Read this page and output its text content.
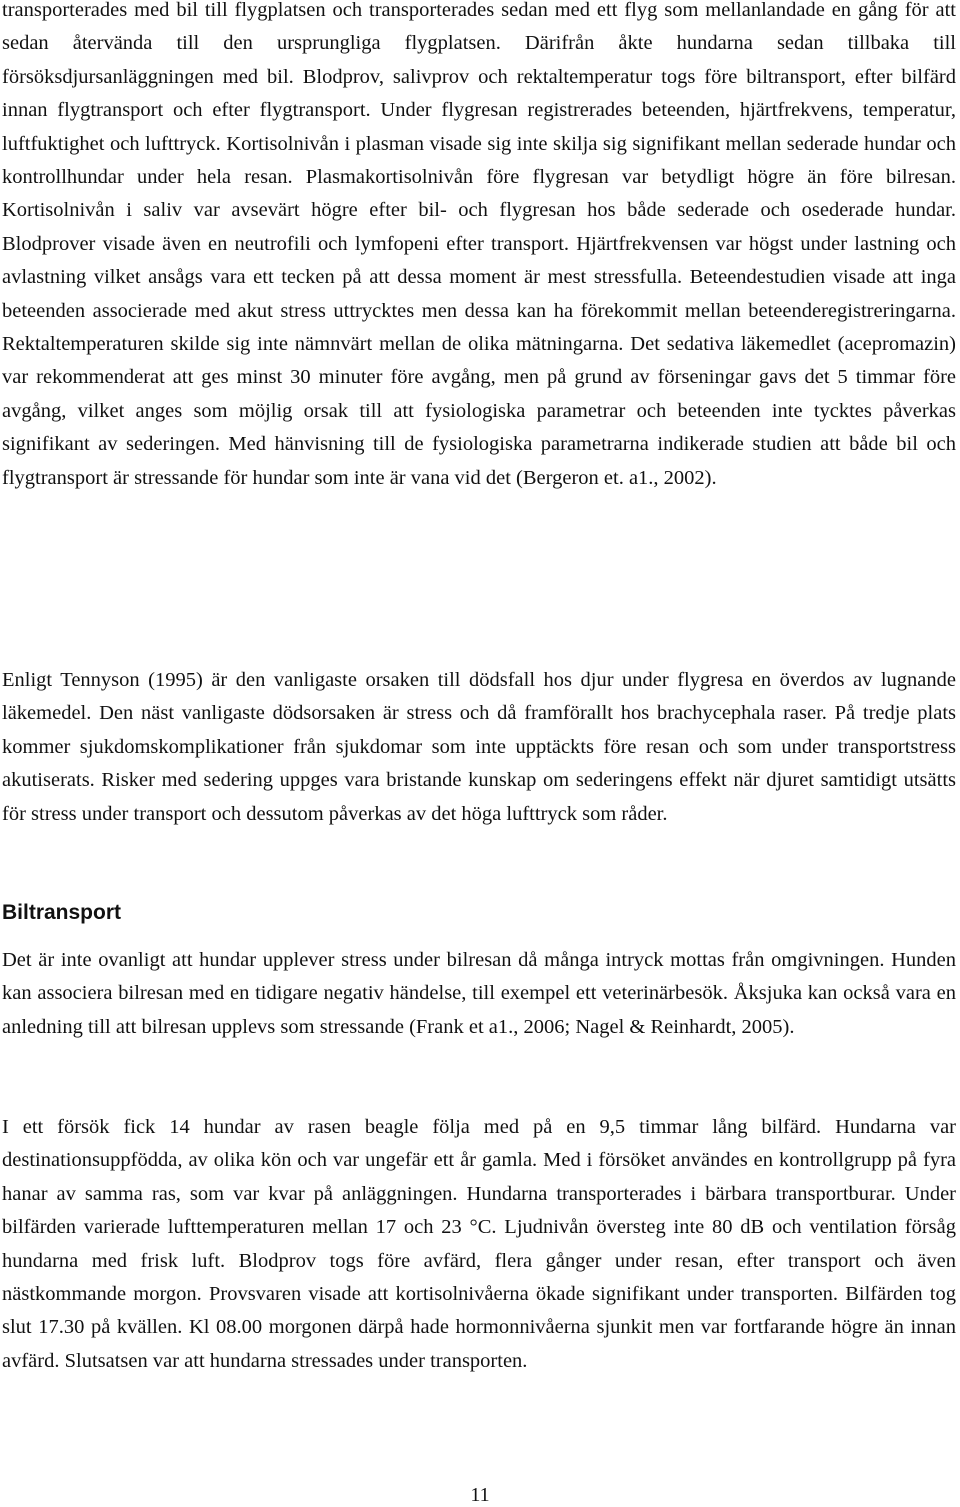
transporterades med bil till flygplatsen och transporterades sedan med ett flyg som mellanlandade en gång för att sedan återvända till den ursprungliga flygplatsen. Därifrån åkte hundarna sedan tillbaka till försöksdjursanläggningen med bil. Blodprov, salivprov och rektaltemperatur togs före biltransport, efter bilfärd innan flygtransport och efter flygtransport. Under flygresan registrerades beteenden, hjärtfrekvens, temperatur, luftfuktighet och lufttryck. Kortisolnivån i plasman visade sig inte skilja sig signifikant mellan sederade hundar och kontrollhundar under hela resan. Plasmakortisolnivån före flygresan var betydligt högre än före bilresan. Kortisolnivån i saliv var avsevärt högre efter bil- och flygresan hos både sederade och osederade hundar. Blodprover visade även en neutrofili och lymfopeni efter transport. Hjärtfrekvensen var högst under lastning och avlastning vilket ansågs vara ett tecken på att dessa moment är mest stressfulla. Beteendestudien visade att inga beteenden associerade med akut stress uttrycktes men dessa kan ha förekommit mellan beteenderegistreringarna. Rektaltemperaturen skilde sig inte nämnvärt mellan de olika mätningarna. Det sedativa läkemedlet (acepromazin) var rekommenderat att ges minst 30 minuter före avgång, men på grund av förseningar gavs det 5 timmar före avgång, vilket anges som möjlig orsak till att fysiologiska parametrar och beteenden inte tycktes påverkas signifikant av sederingen. Med hänvisning till de fysiologiska parametrarna indikerade studien att både bil och flygtransport är stressande för hundar som inte är vana vid det (Bergeron et. a1., 2002).

Enligt Tennyson (1995) är den vanligaste orsaken till dödsfall hos djur under flygresa en överdos av lugnande läkemedel. Den näst vanligaste dödsorsaken är stress och då framförallt hos brachycephala raser. På tredje plats kommer sjukdomskomplikationer från sjukdomar som inte upptäckts före resan och som under transportstress akutiserats. Risker med sedering uppges vara bristande kunskap om sederingens effekt när djuret samtidigt utsätts för stress under transport och dessutom påverkas av det höga lufttryck som råder.

Biltransport

Det är inte ovanligt att hundar upplever stress under bilresan då många intryck mottas från omgivningen. Hunden kan associera bilresan med en tidigare negativ händelse, till exempel ett veterinärbesök. Åksjuka kan också vara en anledning till att bilresan upplevs som stressande (Frank et a1., 2006; Nagel & Reinhardt, 2005).

I ett försök fick 14 hundar av rasen beagle följa med på en 9,5 timmar lång bilfärd. Hundarna var destinationsuppfödda, av olika kön och var ungefär ett år gamla. Med i försöket användes en kontrollgrupp på fyra hanar av samma ras, som var kvar på anläggningen. Hundarna transporterades i bärbara transportburar. Under bilfärden varierade lufttemperaturen mellan 17 och 23 °C. Ljudnivån översteg inte 80 dB och ventilation försåg hundarna med frisk luft. Blodprov togs före avfärd, flera gånger under resan, efter transport och även nästkommande morgon. Provsvaren visade att kortisolnivåerna ökade signifikant under transporten. Bilfärden tog slut 17.30 på kvällen. Kl 08.00 morgonen därpå hade hormonnivåerna sjunkit men var fortfarande högre än innan avfärd. Slutsatsen var att hundarna stressades under transporten.

11
